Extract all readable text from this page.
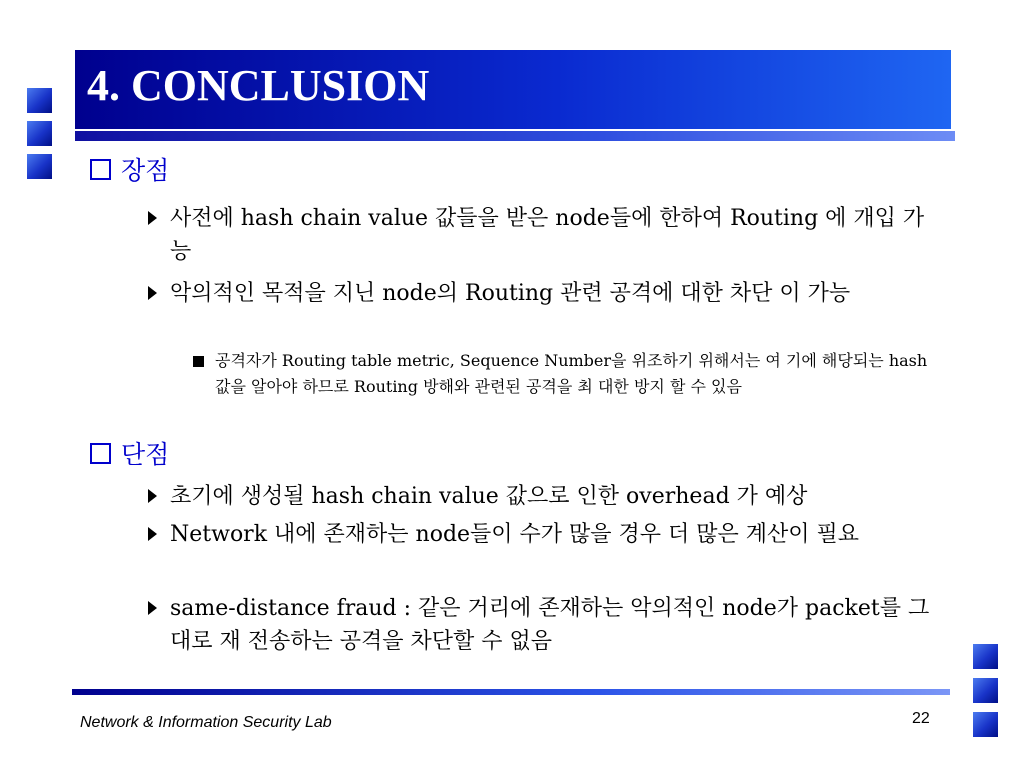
4. CONCLUSION
장점
사전에 hash chain value 값들을 받은 node들에 한하여 Routing 에 개입 가능
악의적인 목적을 지닌 node의 Routing 관련 공격에 대한 차단 이 가능
공격자가 Routing table metric, Sequence Number을 위조하기 위해서는 여 기에 해당되는 hash 값을 알아야 하므로 Routing 방해와 관련된 공격을 최 대한 방지 할 수 있음
단점
초기에 생성될 hash chain value 값으로 인한 overhead 가 예상
Network 내에 존재하는 node들이 수가 많을 경우 더 많은 계산이 필요
same-distance fraud : 같은 거리에 존재하는 악의적인 node가 packet를 그대로 재 전송하는 공격을 차단할 수 없음
Network & Information Security Lab	22
